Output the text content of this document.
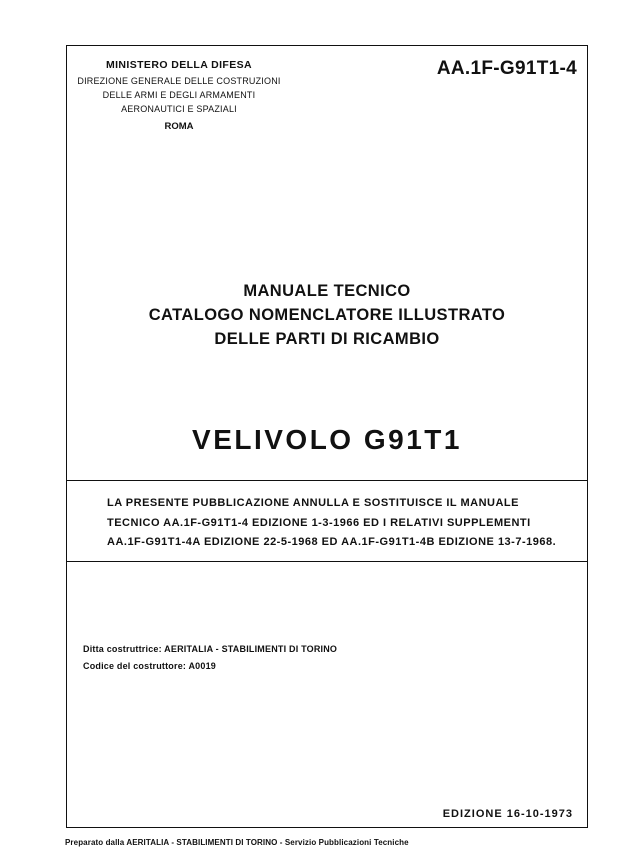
MINISTERO DELLA DIFESA
DIREZIONE GENERALE DELLE COSTRUZIONI
DELLE ARMI E DEGLI ARMAMENTI
AERONAUTICI E SPAZIALI
ROMA
AA.1F-G91T1-4
MANUALE TECNICO
CATALOGO NOMENCLATORE ILLUSTRATO
DELLE PARTI DI RICAMBIO
VELIVOLO G91T1
LA PRESENTE PUBBLICAZIONE ANNULLA E SOSTITUISCE IL MANUALE
TECNICO AA.1F-G91T1-4 EDIZIONE 1-3-1966 ED I RELATIVI SUPPLEMENTI
AA.1F-G91T1-4A EDIZIONE 22-5-1968 ED AA.1F-G91T1-4B EDIZIONE 13-7-1968.
Ditta costruttrice: AERITALIA - STABILIMENTI DI TORINO
Codice del costruttore: A0019
EDIZIONE 16-10-1973
Preparato dalla AERITALIA - STABILIMENTI DI TORINO - Servizio Pubblicazioni Tecniche
